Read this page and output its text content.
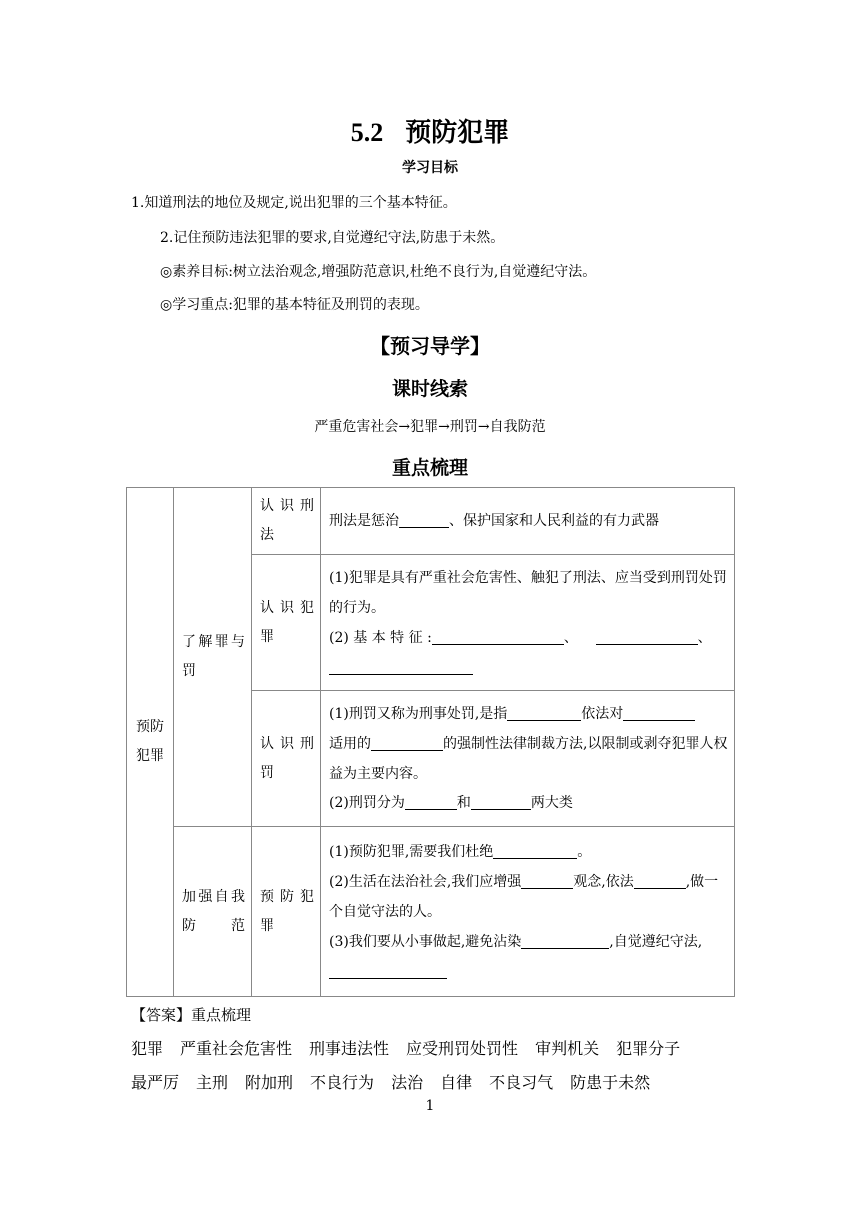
5.2 预防犯罪
学习目标
1.知道刑法的地位及规定,说出犯罪的三个基本特征。
2.记住预防违法犯罪的要求,自觉遵纪守法,防患于未然。
◎素养目标:树立法治观念,增强防范意识,杜绝不良行为,自觉遵纪守法。
◎学习重点:犯罪的基本特征及刑罚的表现。
【预习导学】
课时线索
严重危害社会→犯罪→刑罚→自我防范
重点梳理
预防犯罪	了解罪与罚	认识刑法	刑法是惩治 、保护国家和人民利益的有力武器

		认识犯罪	(1)犯罪是具有严重社会危害性、触犯了刑法、应当受到刑罚处罚的行为。
(2) 基 本 特 征 : 、 、

		认识刑罚	(1)刑罚又称为刑事处罚,是指 依法对
适用的 的强制性法律制裁方法,以限制或剥夺犯罪人权益为主要内容。
(2)刑罚分为 和 两大类

	加强自我防范	预防犯罪	(1)预防犯罪,需要我们杜绝 。
(2)生活在法治社会,我们应增强 观念,依法 ,做一个自觉守法的人。
(3)我们要从小事做起,避免沾染 ,自觉遵纪守法,
【答案】重点梳理
犯罪 严重社会危害性 刑事违法性 应受刑罚处罚性 审判机关 犯罪分子
最严厉 主刑 附加刑 不良行为 法治 自律 不良习气 防患于未然
1
